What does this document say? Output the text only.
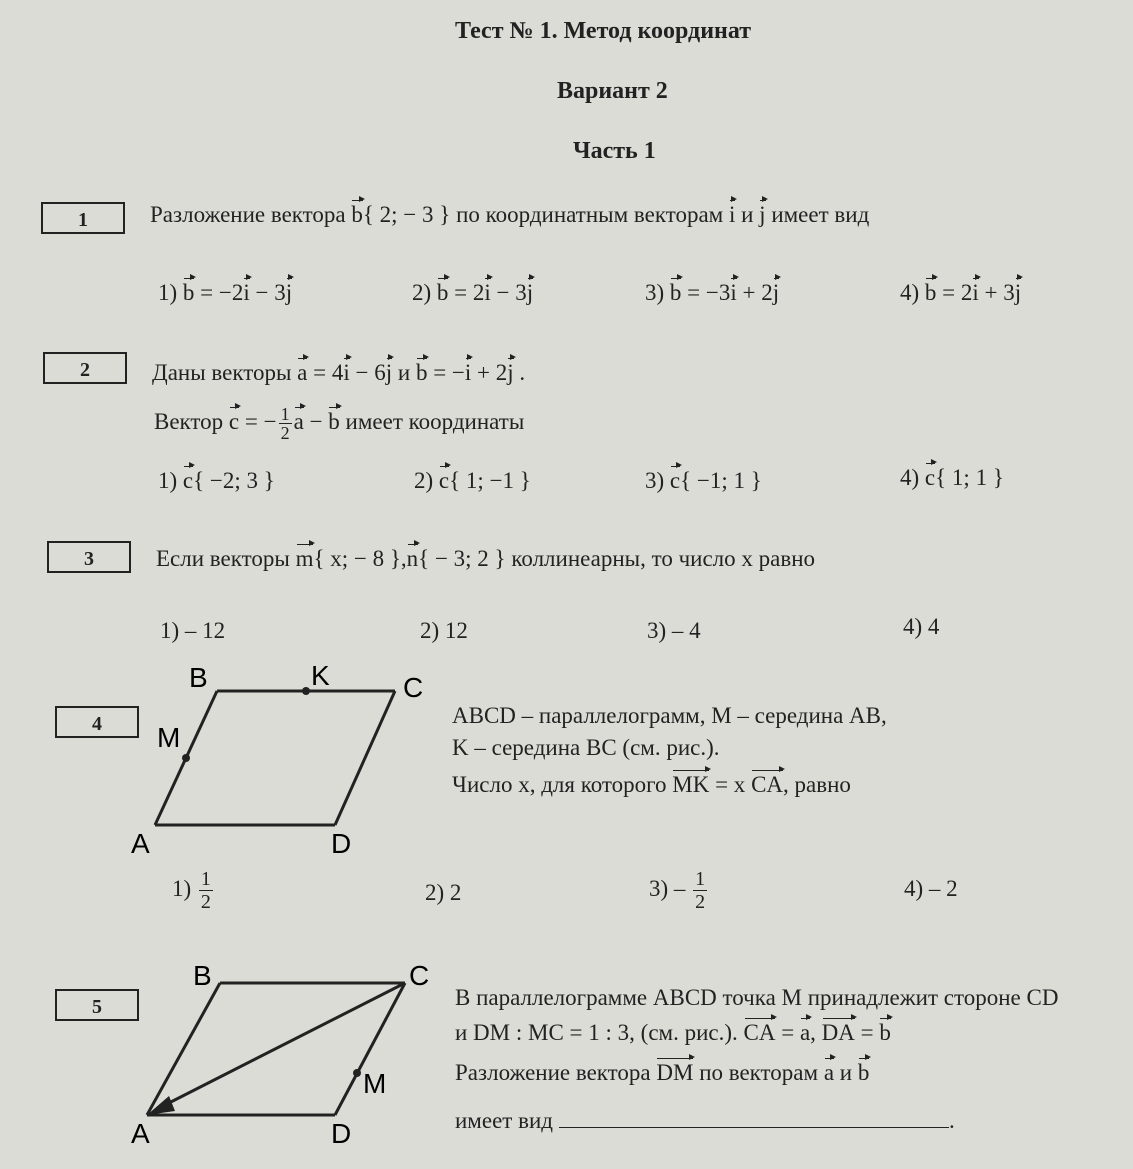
Тест № 1. Метод координат
Вариант 2
Часть 1
1	Разложение вектора b{ 2; − 3 } по координатным векторам i и j имеет вид
1) b = −2i − 3j	2) b = 2i − 3j	3) b = −3i + 2j	4) b = 2i + 3j
2	Даны векторы a = 4i − 6j и b = −i + 2j .
Вектор c = − $\frac{1}{2}$ a − b имеет координаты
1) c{ −2; 3 }	2) c{ 1; −1 }	3) c{ −1; 1 }	4) c{ 1; 1 }
3	Если векторы m{ x; − 8 },n{ − 3; 2 } коллинеарны, то число x равно
1) – 12	2) 12	3) – 4	4) 4
4
B	K	C
M
A	D
ABCD – параллелограмм, M – середина AB,
K – середина BC (см. рис.).
Число x, для которого MK = x CA, равно
$1) \frac{1}{2}$	2) 2	$3) - \frac{1}{2}$	4) – 2
5
B	C
M
A	D
В параллелограмме ABCD точка M принадлежит стороне CD
и DM : MC = 1 : 3, (см. рис.). CA = a, DA = b
Разложение вектора DM по векторам a и b
имеет вид	.
